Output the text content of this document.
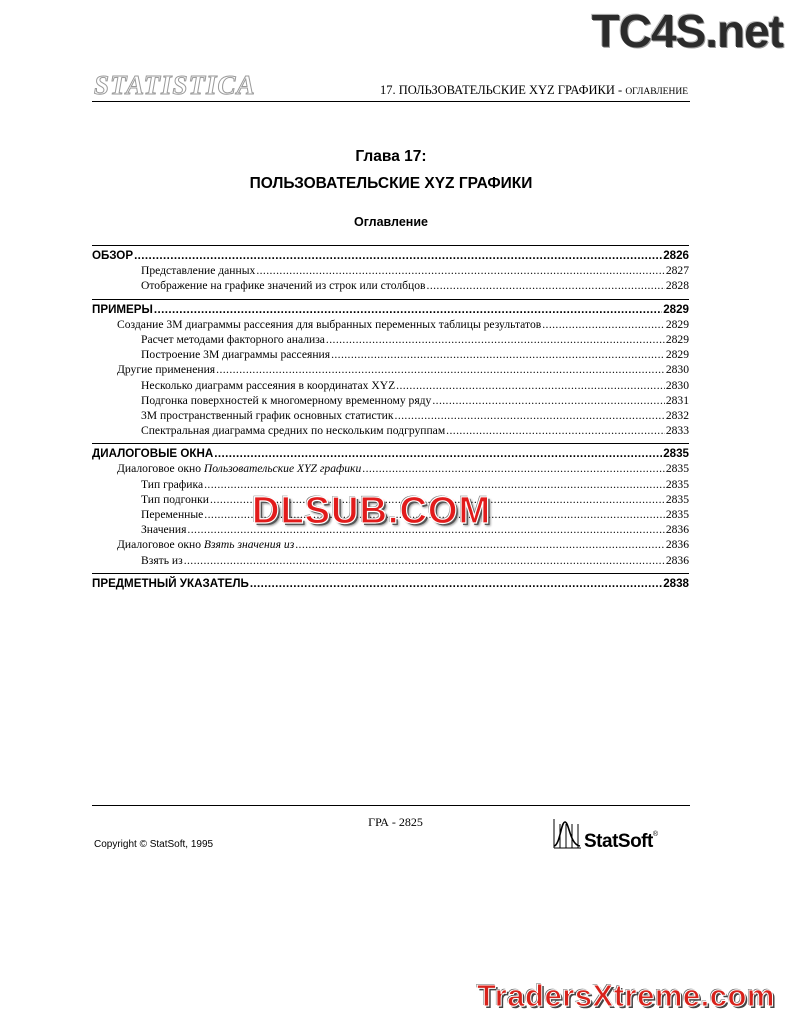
TC4S.net
STATISTICA	17. ПОЛЬЗОВАТЕЛЬСКИЕ XYZ ГРАФИКИ - ОГЛАВЛЕНИЕ
Глава 17:
ПОЛЬЗОВАТЕЛЬСКИЕ XYZ ГРАФИКИ
Оглавление
ОБЗОР .....	2826
Представление данных .....	2827
Отображение на графике значений из строк или столбцов .....	2828
ПРИМЕРЫ .....	2829
Создание 3М диаграммы рассеяния для выбранных переменных таблицы результатов .....	2829
Расчет методами факторного анализа .....	2829
Построение 3М диаграммы рассеяния .....	2829
Другие применения .....	2830
Несколько диаграмм рассеяния в координатах XYZ .....	2830
Подгонка поверхностей к многомерному временному ряду .....	2831
3М пространственный график основных статистик .....	2832
Спектральная диаграмма средних по нескольким подгруппам .....	2833
ДИАЛОГОВЫЕ ОКНА .....	2835
Диалоговое окно Пользовательские XYZ графики .....	2835
Тип графика .....	2835
Тип подгонки .....	2835
Переменные .....	2835
Значения .....	2836
Диалоговое окно Взять значения из .....	2836
Взять из .....	2836
ПРЕДМЕТНЫЙ УКАЗАТЕЛЬ .....	2838
DLSUB.COM
ГРА - 2825
Copyright © StatSoft, 1995	StatSoft®
TradersXtreme.com
